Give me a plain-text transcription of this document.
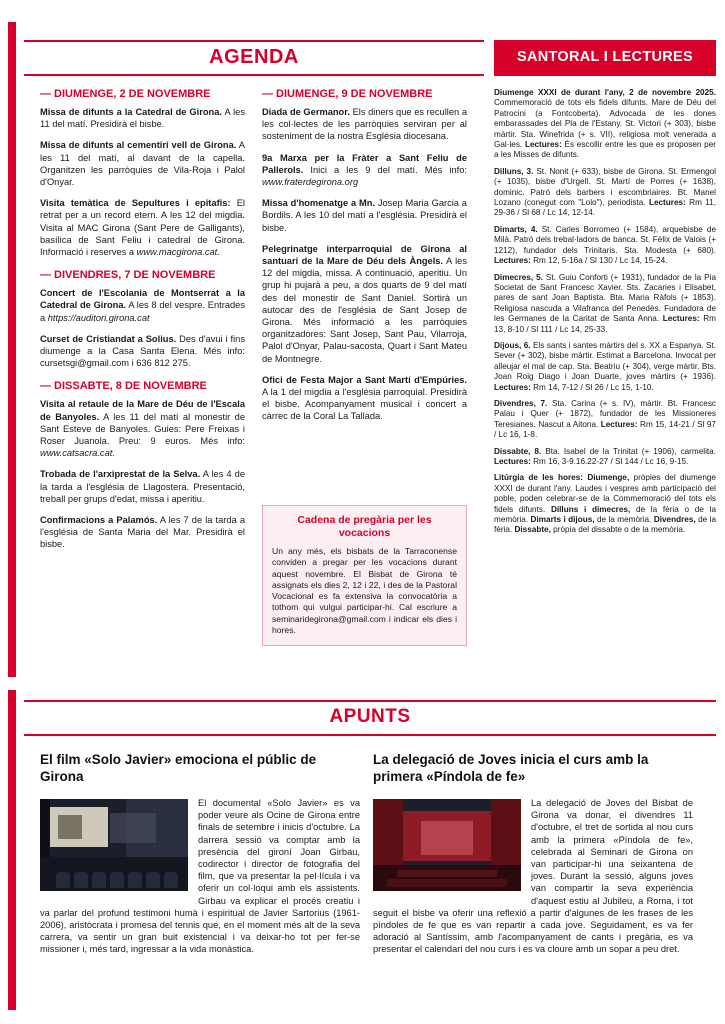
AGENDA	SANTORAL I LECTURES
— DIUMENGE, 2 DE NOVEMBRE
Missa de difunts a la Catedral de Girona. A les 11 del matí. Presidirà el bisbe.
Missa de difunts al cementiri vell de Girona. A les 11 del matí, al davant de la capella. Organitzen les parròquies de Vila-Roja i Palol d'Onyar.
Visita temàtica de Sepultures i epitafis: El retrat per a un record etern. A les 12 del migdia. Visita al MAC Girona (Sant Pere de Galligants), basílica de Sant Feliu i catedral de Girona. Informació i reserves a www.macgirona.cat.
— DIVENDRES, 7 DE NOVEMBRE
Concert de l'Escolania de Montserrat a la Catedral de Girona. A les 8 del vespre. Entrades a https://auditori.girona.cat
Curset de Cristiandat a Solius. Des d'avui i fins diumenge a la Casa Santa Elena. Més info: cursetsgi@gmail.com i 636 812 275.
— DISSABTE, 8 DE NOVEMBRE
Visita al retaule de la Mare de Déu de l'Escala de Banyoles. A les 11 del matí al monestir de Sant Esteve de Banyoles. Guies: Pere Freixas i Roser Juanola. Preu: 9 euros. Més info: www.catsacra.cat.
Trobada de l'arxiprestat de la Selva. A les 4 de la tarda a l'església de Llagostera. Presentació, treball per grups d'edat, missa i aperitiu.
Confirmacions a Palamós. A les 7 de la tarda a l'església de Santa Maria del Mar. Presidirà el bisbe.
— DIUMENGE, 9 DE NOVEMBRE
Diada de Germanor. Els diners que es recullen a les col·lectes de les parròquies serviran per al sosteniment de la nostra Església diocesana.
9a Marxa per la Fràter a Sant Feliu de Pallerols. Inici a les 9 del matí. Més info: www.fraterdegirona.org
Missa d'homenatge a Mn. Josep Maria Garcia a Bordils. A les 10 del matí a l'església. Presidirà el bisbe.
Pelegrinatge interparroquial de Girona al santuari de la Mare de Déu dels Àngels. A les 12 del migdia, missa. A continuació, aperitiu. Un grup hi pujarà a peu, a dos quarts de 9 del matí des del monestir de Sant Daniel. Sortirà un autocar des de l'església de Sant Josep de Girona. Més informació a les parròquies organitzadores: Sant Josep, Sant Pau, Vilarroja, Palol d'Onyar, Palau-sacosta, Quart i Sant Mateu de Montnegre.
Ofici de Festa Major a Sant Martí d'Empúries. A la 1 del migdia a l'església parroquial. Presidirà el bisbe. Acompanyament musical i concert a càrrec de la Coral La Tallada.
Cadena de pregària per les vocacions

Un any més, els bisbats de la Tarraconense conviden a pregar per les vocacions durant aquest novembre. El Bisbat de Girona té assignats els dies 2, 12 i 22, i des de la Pastoral Vocacional es fa extensiva la convocatòria a tothom qui vulgui participar-hi. Cal escriure a seminaridegirona@gmail.com i indicar els dies i hores.

Diumenge XXXI de durant l'any, 2 de novembre 2025. Commemoració de tots els fidels difunts. Mare de Déu del Patrocini (a Fontcoberta). Advocada de les dones embarassades del Pla de l'Estany. St. Victori (+ 303), bisbe màrtir. Sta. Winefrida (+ s. VII), religiosa molt venerada a Gal·les. Lectures: És escollir entre les que es proposen per a les Misses de difunts.
Dilluns, 3. St. Nonit (+ 633), bisbe de Girona. St. Ermengol (+ 1035), bisbe d'Urgell. St. Martí de Porres (+ 1638), dominic. Patró dels barbers i escombriaires. Bt. Manel Lozano (conegut com "Lolo"), periodista. Lectures: Rm 11, 29-36 / Sl 68 / Lc 14, 12-14.
Dimarts, 4. St. Carles Borromeo (+ 1584), arquebisbe de Milà. Patró dels trebal·ladors de banca. St. Fèlix de Valois (+ 1212), fundador dels Trinitaris. Sta. Modesta (+ 680). Lectures: Rm 12, 5-16a / Sl 130 / Lc 14, 15-24.
Dimecres, 5. St. Guiu Conforti (+ 1931), fundador de la Pia Societat de Sant Francesc Xavier. Sts. Zacaries i Elisabet, pares de sant Joan Baptista. Bta. Maria Ràfols (+ 1853). Religiosa nascuda a Vilafranca del Penedès. Fundadora de les Germanes de la Caritat de Santa Anna. Lectures: Rm 13, 8-10 / Sl 111 / Lc 14, 25-33.
Dijous, 6. Els sants i santes màrtirs del s. XX a Espanya. St. Sever (+ 302), bisbe màrtir. Estimat a Barcelona. Invocat per alleujar el mal de cap. Sta. Beatriu (+ 304), verge màrtir. Bts. Joan Roig Diago i Joan Duarte, joves màrtirs (+ 1936). Lectures: Rm 14, 7-12 / Sl 26 / Lc 15, 1-10.
Divendres, 7. Sta. Carina (+ s. IV), màrtir. Bt. Francesc Palau i Quer (+ 1872), fundador de les Missioneres Teresianes. Nascut a Aitona. Lectures: Rm 15, 14-21 / Sl 97 / Lc 16, 1-8.
Dissabte, 8. Bta. Isabel de la Trinitat (+ 1906), carmelita. Lectures: Rm 16, 3-9.16.22-27 / Sl 144 / Lc 16, 9-15.
Litúrgia de les hores: Diumenge, pròpies del diumenge XXXI de durant l'any. Laudes i vespres amb participació del poble, poden celebrar-se de la Commemoració del tots els fidels difunts. Dilluns i dimecres, de la fèria o de la memòria. Dimarts i dijous, de la memòria. Divendres, de la fèria. Dissabte, pròpia del dissabte o de la memòria.
APUNTS
El film «Solo Javier» emociona el públic de Girona
El documental «Solo Javier» es va poder veure als Ocine de Girona entre finals de setembre i inicis d'octubre. La darrera sessió va comptar amb la presència del gironí Joan Girbau, codirector i director de fotografia del film, que va presentar la pel·lícula i va oferir un col·loqui amb els assistents. Girbau va explicar el procés creatiu i va parlar del profund testimoni humà i espiritual de Javier Sartorius (1961-2006), aristòcrata i promesa del tennis que, en el moment més alt de la seva carrera, va sentir un gran buit existencial i va deixar-ho tot per fer-se missioner i, més tard, ingressar a la vida monàstica.
La delegació de Joves inicia el curs amb la primera «Píndola de fe»
La delegació de Joves del Bisbat de Girona va donar, el divendres 11 d'octubre, el tret de sortida al nou curs amb la primera «Píndola de fe», celebrada al Seminari de Girona on van participar-hi una seixantena de joves. Durant la sessió, alguns joves van compartir la seva experiència d'aquest estiu al Jubileu, a Roma, i tot seguit el bisbe va oferir una reflexió a partir d'algunes de les frases de les píndoles de fe que es van repartir a cada jove. Seguidament, es va fer adoració al Santíssim, amb l'acompanyament de cants i pregària, es va presentar el calendari del nou curs i es va cloure amb un sopar a peu dret.
